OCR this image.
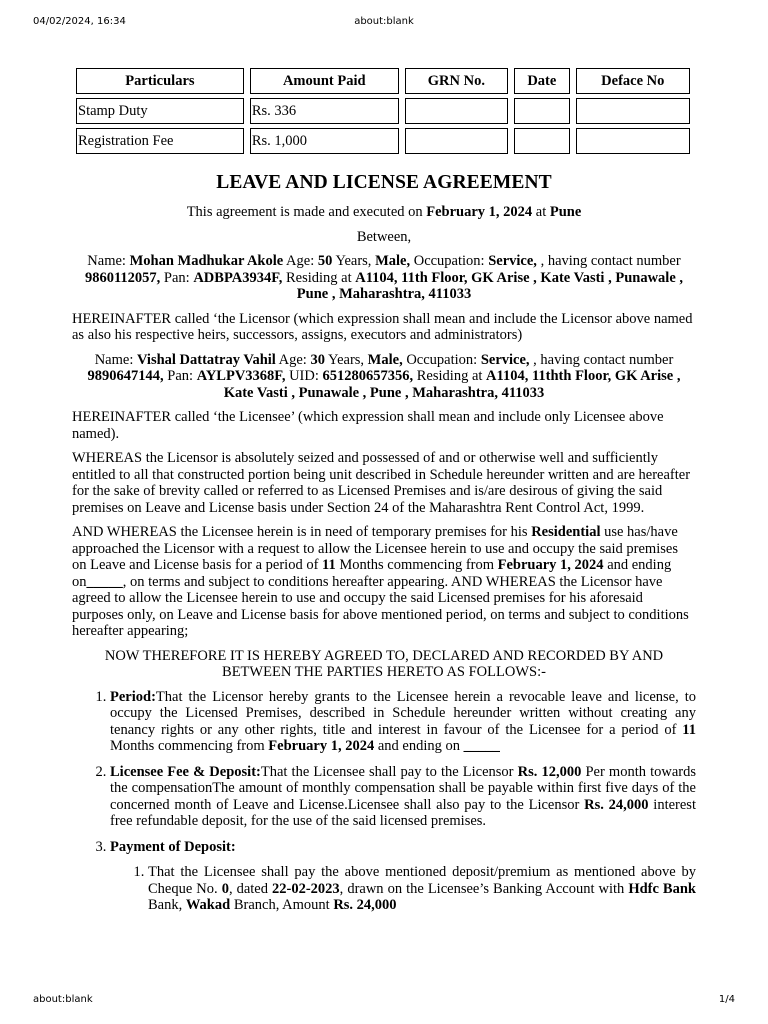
04/02/2024, 16:34	about:blank
Particulars	Amount Paid	GRN No.	Date	Deface No
Stamp Duty	Rs. 336			
Registration Fee	Rs. 1,000			
LEAVE AND LICENSE AGREEMENT

This agreement is made and executed on February 1, 2024 at Pune

Between,

Name: Mohan Madhukar Akole Age: 50 Years, Male, Occupation: Service, , having contact number 9860112057, Pan: ADBPA3934F, Residing at A1104, 11th Floor, GK Arise , Kate Vasti , Punawale , Pune , Maharashtra, 411033

HEREINAFTER called ‘the Licensor (which expression shall mean and include the Licensor above named as also his respective heirs, successors, assigns, executors and administrators)

Name: Vishal Dattatray Vahil Age: 30 Years, Male, Occupation: Service, , having contact number 9890647144, Pan: AYLPV3368F, UID: 651280657356, Residing at A1104, 11thth Floor, GK Arise , Kate Vasti , Punawale , Pune , Maharashtra, 411033

HEREINAFTER called ‘the Licensee’ (which expression shall mean and include only Licensee above named).

WHEREAS the Licensor is absolutely seized and possessed of and or otherwise well and sufficiently entitled to all that constructed portion being unit described in Schedule hereunder written and are hereafter for the sake of brevity called or referred to as Licensed Premises and is/are desirous of giving the said premises on Leave and License basis under Section 24 of the Maharashtra Rent Control Act, 1999.

AND WHEREAS the Licensee herein is in need of temporary premises for his Residential use has/have approached the Licensor with a request to allow the Licensee herein to use and occupy the said premises on Leave and License basis for a period of 11 Months commencing from February 1, 2024 and ending on_____, on terms and subject to conditions hereafter appearing. AND WHEREAS the Licensor have agreed to allow the Licensee herein to use and occupy the said Licensed premises for his aforesaid purposes only, on Leave and License basis for above mentioned period, on terms and subject to conditions hereafter appearing;

NOW THEREFORE IT IS HEREBY AGREED TO, DECLARED AND RECORDED BY AND BETWEEN THE PARTIES HERETO AS FOLLOWS:-

1. Period:That the Licensor hereby grants to the Licensee herein a revocable leave and license, to occupy the Licensed Premises, described in Schedule hereunder written without creating any tenancy rights or any other rights, title and interest in favour of the Licensee for a period of 11 Months commencing from February 1, 2024 and ending on _____
2. Licensee Fee & Deposit:That the Licensee shall pay to the Licensor Rs. 12,000 Per month towards the compensationThe amount of monthly compensation shall be payable within first five days of the concerned month of Leave and License.Licensee shall also pay to the Licensor Rs. 24,000 interest free refundable deposit, for the use of the said licensed premises.
3. Payment of Deposit:
1. That the Licensee shall pay the above mentioned deposit/premium as mentioned above by Cheque No. 0, dated 22-02-2023, drawn on the Licensee’s Banking Account with Hdfc Bank Bank, Wakad Branch, Amount Rs. 24,000
about:blank	1/4
